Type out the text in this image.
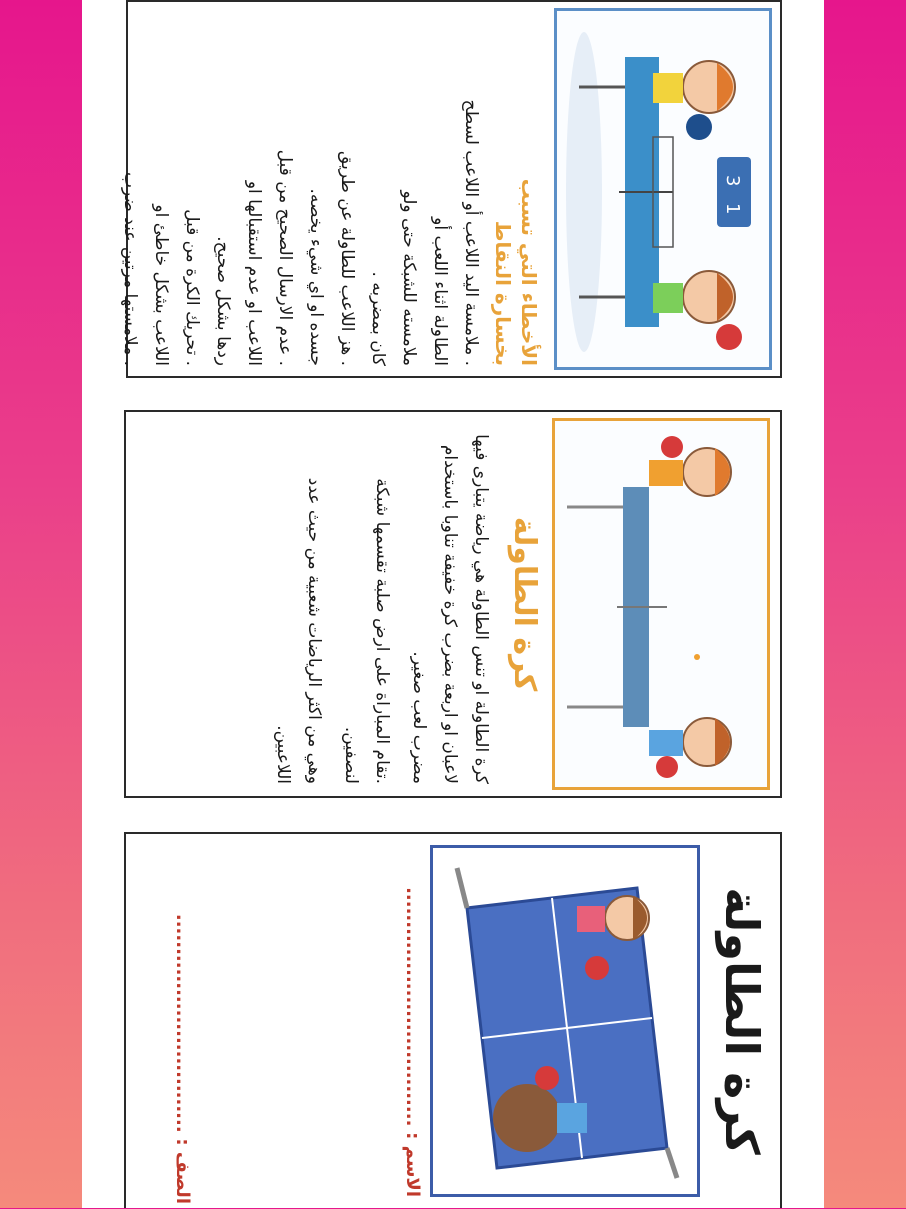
3
1
الأخطاء التي تسبب
بخسارة النقاط

. ملامسة اليد اللاعب أو اللاعب لسطح

الطاولة اثناء اللعب أو

ملامسته للشبكة حتى ولو

كان بمضربه .

. هز اللاعب للطاولة عن طريق

جسده او اي شيء يخصه.

. عدم الارسال الصحيح من قبل

اللاعب او عدم استقبالها او

ردها بشكل صحيح.

. تحريك الكرة من قبل

اللاعب بشكل خاطئ او

. ملامستها مرتين عند ضرب

كرة الطاولة

كرة الطاولة او تنس الطاولة هي رياضة يتبارى فيها لاعبان او اربعة بضرب كرة خفيفة تناوبا باستخدام مضرب لعب صغير.

.تقام المباراة على ارض صلبة تقسمها شبكة لنصفين.

وهي من اكثر الرياضات شعبية من حيث عدد اللاعبين.

كرة الطاولة
الاسم : ...................................
الصف : ................................
